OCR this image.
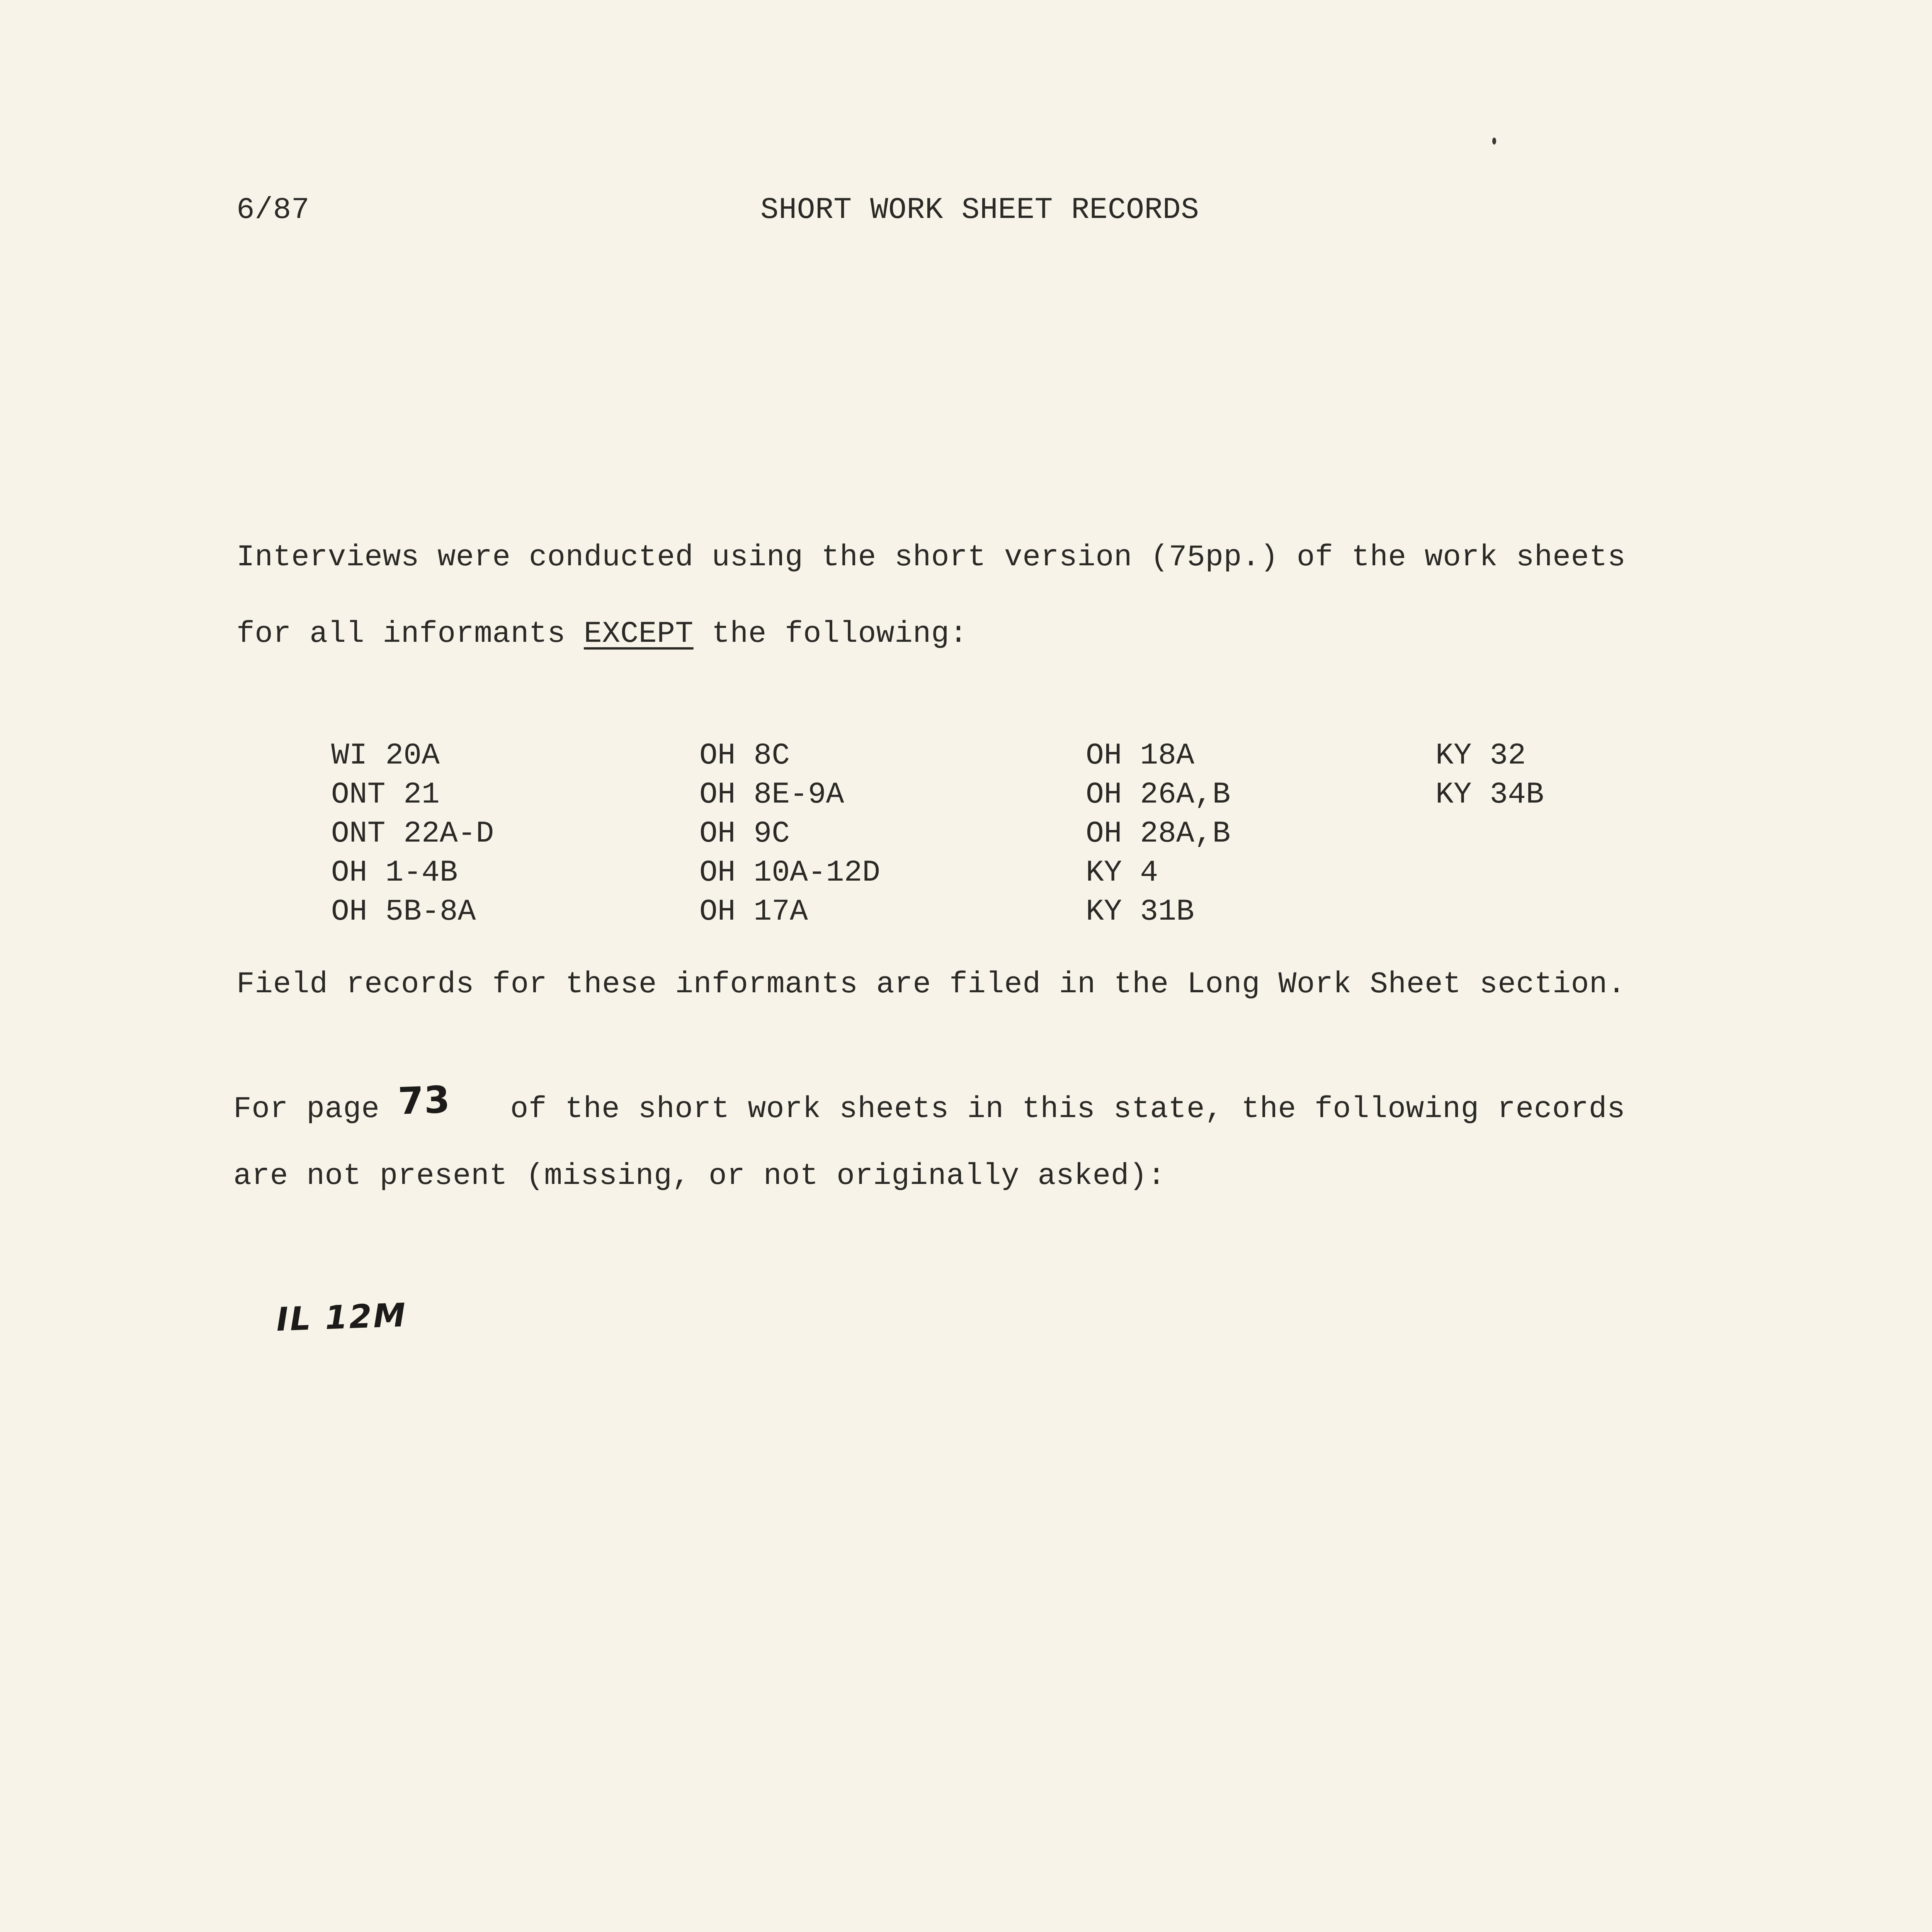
6/87	SHORT WORK SHEET RECORDS
Interviews were conducted using the short version (75pp.) of the work sheets
for all informants EXCEPT the following:
WI 20A
ONT 21
ONT 22A-D
OH 1-4B
OH 5B-8A
OH 8C
OH 8E-9A
OH 9C
OH 10A-12D
OH 17A
OH 18A
OH 26A,B
OH 28A,B
KY 4
KY 31B
KY 32
KY 34B
Field records for these informants are filed in the Long Work Sheet section.
For page 73 of the short work sheets in this state, the following records
are not present (missing, or not originally asked):
IL 12M
